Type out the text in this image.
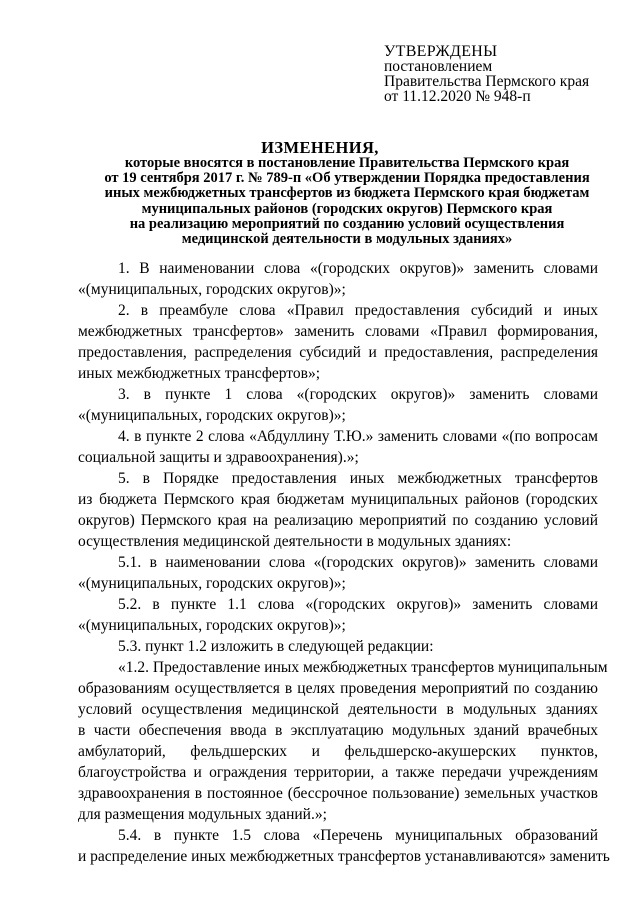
УТВЕРЖДЕНЫ
постановлением
Правительства Пермского края
от 11.12.2020 № 948-п
ИЗМЕНЕНИЯ,
которые вносятся в постановление Правительства Пермского края
от 19 сентября 2017 г. № 789-п «Об утверждении Порядка предоставления
иных межбюджетных трансфертов из бюджета Пермского края бюджетам
муниципальных районов (городских округов) Пермского края
на реализацию мероприятий по созданию условий осуществления
медицинской деятельности в модульных зданиях»
1. В наименовании слова «(городских округов)» заменить словами
«(муниципальных, городских округов)»;
2. в преамбуле слова «Правил предоставления субсидий и иных
межбюджетных трансфертов» заменить словами «Правил формирования,
предоставления, распределения субсидий и предоставления, распределения
иных межбюджетных трансфертов»;
3. в пункте 1 слова «(городских округов)» заменить словами
«(муниципальных, городских округов)»;
4. в пункте 2 слова «Абдуллину Т.Ю.» заменить словами «(по вопросам
социальной защиты и здравоохранения).»;
5. в Порядке предоставления иных межбюджетных трансфертов
из бюджета Пермского края бюджетам муниципальных районов (городских
округов) Пермского края на реализацию мероприятий по созданию условий
осуществления медицинской деятельности в модульных зданиях:
5.1. в наименовании слова «(городских округов)» заменить словами
«(муниципальных, городских округов)»;
5.2. в пункте 1.1 слова «(городских округов)» заменить словами
«(муниципальных, городских округов)»;
5.3. пункт 1.2 изложить в следующей редакции:
«1.2. Предоставление иных межбюджетных трансфертов муниципальным
образованиям осуществляется в целях проведения мероприятий по созданию
условий осуществления медицинской деятельности в модульных зданиях
в части обеспечения ввода в эксплуатацию модульных зданий врачебных
амбулаторий, фельдшерских и фельдшерско-акушерских пунктов,
благоустройства и ограждения территории, а также передачи учреждениям
здравоохранения в постоянное (бессрочное пользование) земельных участков
для размещения модульных зданий.»;
5.4. в пункте 1.5 слова «Перечень муниципальных образований
и распределение иных межбюджетных трансфертов устанавливаются» заменить
